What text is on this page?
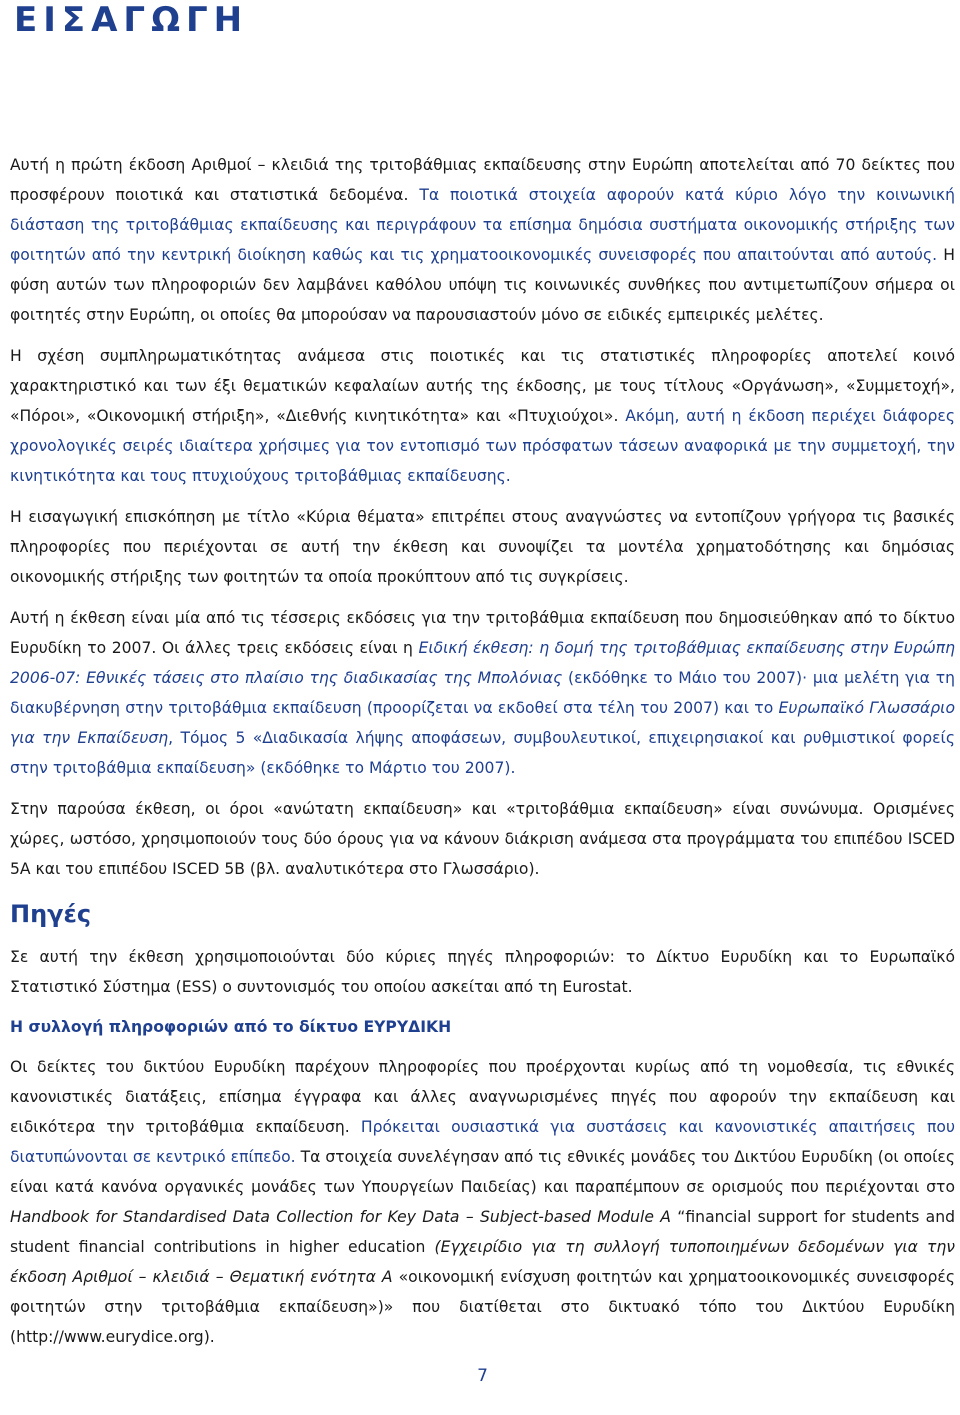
ΕΙΣΑΓΩΓΗ

Αυτή η πρώτη έκδοση Αριθμοί – κλειδιά της τριτοβάθμιας εκπαίδευσης στην Ευρώπη αποτελείται από 70 δείκτες που προσφέρουν ποιοτικά και στατιστικά δεδομένα. Τα ποιοτικά στοιχεία αφορούν κατά κύριο λόγο την κοινωνική διάσταση της τριτοβάθμιας εκπαίδευσης και περιγράφουν τα επίσημα δημόσια συστήματα οικονομικής στήριξης των φοιτητών από την κεντρική διοίκηση καθώς και τις χρηματοοικονομικές συνεισφορές που απαιτούνται από αυτούς. Η φύση αυτών των πληροφοριών δεν λαμβάνει καθόλου υπόψη τις κοινωνικές συνθήκες που αντιμετωπίζουν σήμερα οι φοιτητές στην Ευρώπη, οι οποίες θα μπορούσαν να παρουσιαστούν μόνο σε ειδικές εμπειρικές μελέτες.

Η σχέση συμπληρωματικότητας ανάμεσα στις ποιοτικές και τις στατιστικές πληροφορίες αποτελεί κοινό χαρακτηριστικό και των έξι θεματικών κεφαλαίων αυτής της έκδοσης, με τους τίτλους «Οργάνωση», «Συμμετοχή», «Πόροι», «Οικονομική στήριξη», «Διεθνής κινητικότητα» και «Πτυχιούχοι». Ακόμη, αυτή η έκδοση περιέχει διάφορες χρονολογικές σειρές ιδιαίτερα χρήσιμες για τον εντοπισμό των πρόσφατων τάσεων αναφορικά με την συμμετοχή, την κινητικότητα και τους πτυχιούχους τριτοβάθμιας εκπαίδευσης.

Η εισαγωγική επισκόπηση με τίτλο «Κύρια θέματα» επιτρέπει στους αναγνώστες να εντοπίζουν γρήγορα τις βασικές πληροφορίες που περιέχονται σε αυτή την έκθεση και συνοψίζει τα μοντέλα χρηματοδότησης και δημόσιας οικονομικής στήριξης των φοιτητών τα οποία προκύπτουν από τις συγκρίσεις.

Αυτή η έκθεση είναι μία από τις τέσσερις εκδόσεις για την τριτοβάθμια εκπαίδευση που δημοσιεύθηκαν από το δίκτυο Ευρυδίκη το 2007. Οι άλλες τρεις εκδόσεις είναι η Ειδική έκθεση: η δομή της τριτοβάθμιας εκπαίδευσης στην Ευρώπη 2006-07: Εθνικές τάσεις στο πλαίσιο της διαδικασίας της Μπολόνιας (εκδόθηκε το Μάιο του 2007)· μια μελέτη για τη διακυβέρνηση στην τριτοβάθμια εκπαίδευση (προορίζεται να εκδοθεί στα τέλη του 2007) και το Ευρωπαϊκό Γλωσσάριο για την Εκπαίδευση, Τόμος 5 «Διαδικασία λήψης αποφάσεων, συμβουλευτικοί, επιχειρησιακοί και ρυθμιστικοί φορείς στην τριτοβάθμια εκπαίδευση» (εκδόθηκε το Μάρτιο του 2007).

Στην παρούσα έκθεση, οι όροι «ανώτατη εκπαίδευση» και «τριτοβάθμια εκπαίδευση» είναι συνώνυμα. Ορισμένες χώρες, ωστόσο, χρησιμοποιούν τους δύο όρους για να κάνουν διάκριση ανάμεσα στα προγράμματα του επιπέδου ISCED 5A και του επιπέδου ISCED 5B (βλ. αναλυτικότερα στο Γλωσσάριο).

Πηγές

Σε αυτή την έκθεση χρησιμοποιούνται δύο κύριες πηγές πληροφοριών: το Δίκτυο Ευρυδίκη και το Ευρωπαϊκό Στατιστικό Σύστημα (ESS) ο συντονισμός του οποίου ασκείται από τη Eurostat.

Η συλλογή πληροφοριών από το δίκτυο ΕΥΡΥΔΙΚΗ

Οι δείκτες του δικτύου Ευρυδίκη παρέχουν πληροφορίες που προέρχονται κυρίως από τη νομοθεσία, τις εθνικές κανονιστικές διατάξεις, επίσημα έγγραφα και άλλες αναγνωρισμένες πηγές που αφορούν την εκπαίδευση και ειδικότερα την τριτοβάθμια εκπαίδευση. Πρόκειται ουσιαστικά για συστάσεις και κανονιστικές απαιτήσεις που διατυπώνονται σε κεντρικό επίπεδο. Τα στοιχεία συνελέγησαν από τις εθνικές μονάδες του Δικτύου Ευρυδίκη (οι οποίες είναι κατά κανόνα οργανικές μονάδες των Υπουργείων Παιδείας) και παραπέμπουν σε ορισμούς που περιέχονται στο Handbook for Standardised Data Collection for Key Data – Subject-based Module A “financial support for students and student financial contributions in higher education (Εγχειρίδιο για τη συλλογή τυποποιημένων δεδομένων για την έκδοση Αριθμοί – κλειδιά – Θεματική ενότητα Α «οικονομική ενίσχυση φοιτητών και χρηματοοικονομικές συνεισφορές φοιτητών στην τριτοβάθμια εκπαίδευση»)» που διατίθεται στο δικτυακό τόπο του Δικτύου Ευρυδίκη (http://www.eurydice.org).

7
